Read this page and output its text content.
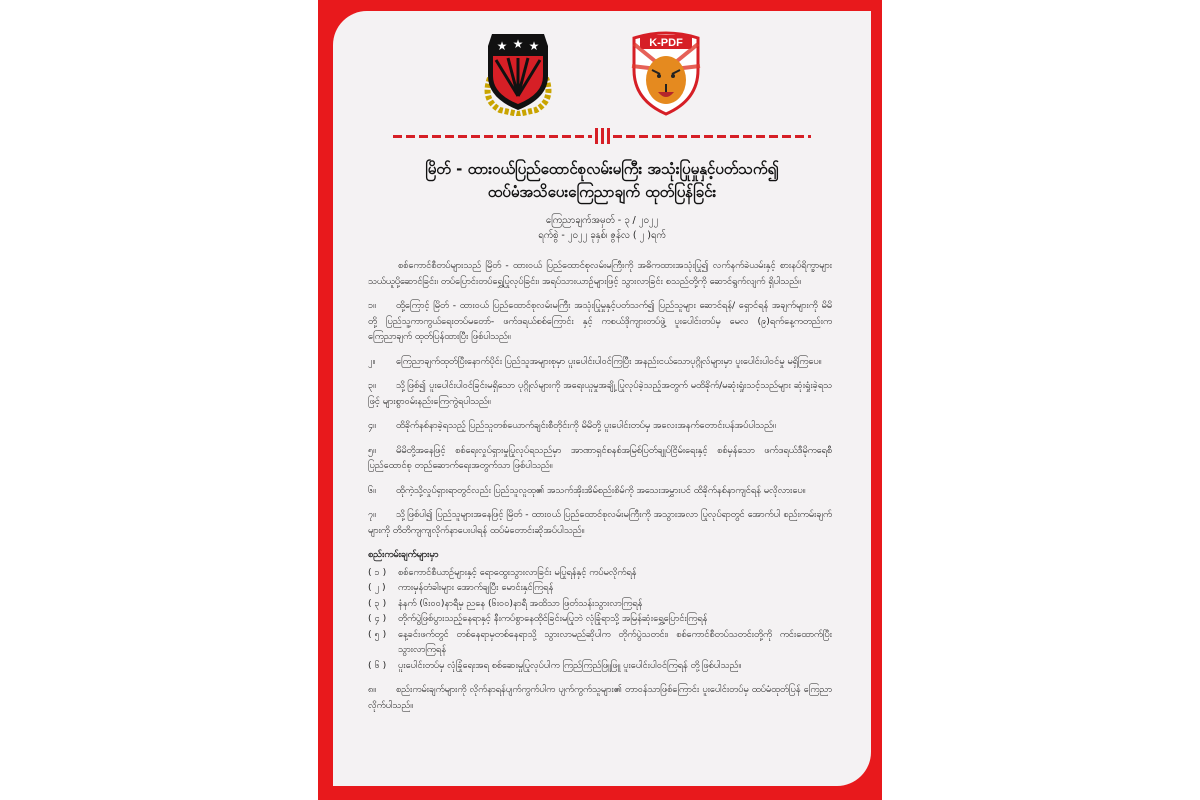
★ ★ ★	K-PDF
မြိတ် - ထားဝယ်ပြည်ထောင်စုလမ်းမကြီး အသုံးပြုမှုနှင့်ပတ်သက်၍
ထပ်မံအသိပေးကြေညာချက် ထုတ်ပြန်ခြင်း
ကြေညာချက်အမှတ် - ၃ / ၂၀၂၂
ရက်စွဲ - ၂၀၂၂ ခုနှစ်၊ ဇွန်လ ( ၂ )ရက်

စစ်ကောင်စီတပ်များသည် မြိတ် - ထားဝယ် ပြည်ထောင်စုလမ်းမကြီးကို အဓိကထားအသုံးပြု၍ လက်နက်ခဲယမ်းနှင့် စားနပ်ရိက္ခာများ သယ်ယူပို့ဆောင်ခြင်း၊ တပ်ပြောင်းတပ်ရွှေ့ပြုလုပ်ခြင်း၊ အရပ်သားယာဉ်များဖြင့် သွားလာခြင်း စသည်တို့ကို ဆောင်ရွက်လျက် ရှိပါသည်။

၁။ ထို့ကြောင့် မြိတ် - ထားဝယ် ပြည်ထောင်စုလမ်းမကြီး အသုံးပြုမှုနှင့်ပတ်သက်၍ ပြည်သူများ ဆောင်ရန်/ ရှောင်ရန် အချက်များကို မိမိတို့ ပြည်သူ့ကာကွယ်ရေးတပ်မတော်- ဖက်ဒရယ်စစ်ကြောင်း နှင့် ကစယ်ဒိုကျားတပ်ဖွဲ့ ပူးပေါင်းတပ်မှ မေလ (၉)ရက်နေ့ကတည်းကကြေညာချက် ထုတ်ပြန်ထားပြီး ဖြစ်ပါသည်။

၂။ ကြေညာချက်ထုတ်ပြီးနောက်ပိုင်း ပြည်သူအများစုမှာ ပူးပေါင်းပါဝင်ကြပြီး အနည်းငယ်သောပုဂ္ဂိုလ်များမှာ ပူးပေါင်းပါဝင်မှု မရှိကြပေ။

၃။ သို့ဖြစ်၍ ပူးပေါင်းပါဝင်ခြင်းမရှိသော ပုဂ္ဂိုလ်များကို အရေးယူမှုအချို့ ပြုလုပ်ခဲ့သည့်အတွက် မထိခိုက်/မဆုံးရှုံးသင့်သည်များ ဆုံးရှုံးခဲ့ရသဖြင့် များစွာဝမ်းနည်းကြေကွဲရပါသည်။

၄။ ထိခိုက်နစ်နာခဲ့ရသည့် ပြည်သူတစ်ယောက်ချင်းစီတိုင်းကို မိမိတို့ ပူးပေါင်းတပ်မှ အလေးအနက်တောင်းပန်အပ်ပါသည်။

၅။ မိမိတို့အနေဖြင့် စစ်ရေးလှုပ်ရှားမှုပြုလုပ်ရသည်မှာ အာဏာရှင်စနစ်အမြစ်ပြတ်ချုပ်ငြိမ်းရေးနှင့် စစ်မှန်သော ဖက်ဒရယ်ဒီမိုကရေစီ ပြည်ထောင်စု တည်ဆောက်ရေးအတွက်သာ ဖြစ်ပါသည်။

၆။ ထိုကဲ့သို့လှုပ်ရှားရာတွင်လည်း ပြည်သူလူထု၏ အသက်အိုးအိမ်စည်းစိမ်ကို အသေးအမွှားပင် ထိခိုက်နစ်နာကျင်ရန် မလိုလားပေ။

၇။ သို့ဖြစ်ပါ၍ ပြည်သူများအနေဖြင့် မြိတ် - ထားဝယ် ပြည်ထောင်စုလမ်းမကြီးကို အသွားအလာ ပြုလုပ်ရာတွင် အောက်ပါ စည်းကမ်းချက်များကို တိတိကျကျလိုက်နာပေးပါရန် ထပ်မံတောင်းဆိုအပ်ပါသည်။

စည်းကမ်းချက်များမှာ
( ၁ )	စစ်ကောင်စီယာဉ်များနှင့် ရောထွေးသွားလာခြင်း မပြုရန်နှင့် ကပ်မလိုက်ရန်
( ၂ )	ကားမှန်တံခါးများ အောက်ချပြီး မောင်းနှင်ကြရန်
( ၃ )	နံနက် (၆း၀၀)နာရီမှ ညနေ (၆း၀၀)နာရီ အထိသာ ဖြတ်သန်းသွားလာကြရန်
( ၄ )	တိုက်ပွဲဖြစ်ပွားသည့်နေရာနှင့် နီးကပ်စွာနေထိုင်ခြင်းမပြုဘဲ လုံခြုံရာသို့ အမြန်ဆုံးရွှေ့ပြောင်းကြရန်
( ၅ )	နေ့ခင်းဖက်တွင် တစ်နေရာမှတစ်နေရာသို့ သွားလာမည်ဆိုပါက တိုက်ပွဲသတင်း၊ စစ်ကောင်စီတပ်သတင်းတို့ကို ကင်းထောက်ပြီး သွားလာကြရန်
( ၆ )	ပူးပေါင်းတပ်မှ လုံခြုံရေးအရ စစ်ဆေးမှုပြုလုပ်ပါက ကြည်ကြည်ဖြူဖြူ ပူးပေါင်းပါဝင်ကြရန် တို့ဖြစ်ပါသည်။

၈။ စည်းကမ်းချက်များကို လိုက်နာရန်ပျက်ကွက်ပါက ပျက်ကွက်သူများ၏ တာဝန်သာဖြစ်ကြောင်း ပူးပေါင်းတပ်မှ ထပ်မံထုတ်ပြန် ကြေညာလိုက်ပါသည်။
